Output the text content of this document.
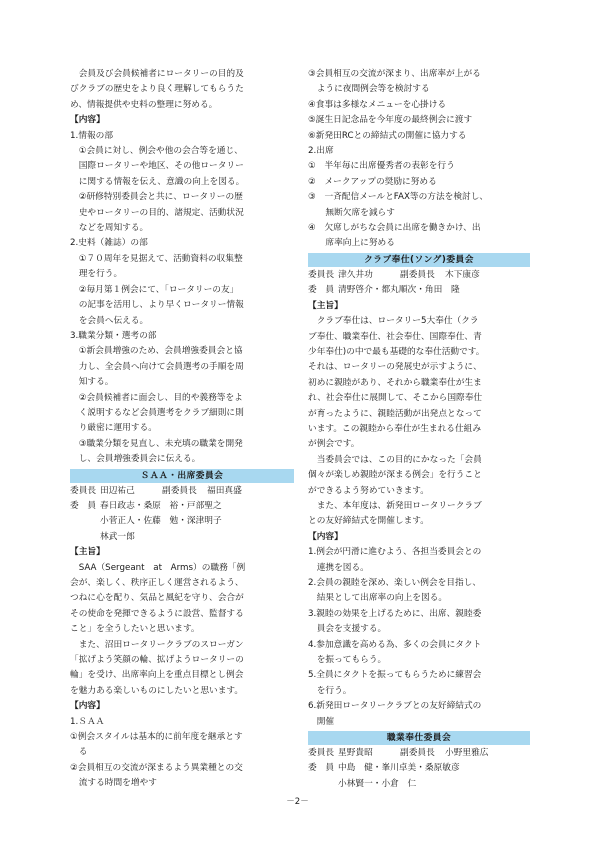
　会員及び会員候補者にロータリーの目的及

びクラブの歴史をより良く理解してもらうた

め、情報提供や史料の整理に努める。

【内容】

1.情報の部

　①会員に対し、例会や他の会合等を通じ、

　国際ロータリーや地区、その他ロータリー

　に関する情報を伝え、意識の向上を図る。

　②研修特別委員会と共に、ロータリーの歴

　史やロータリーの目的、諸規定、活動状況

　などを周知する。

2.史料（雑誌）の部

　①７０周年を見据えて、活動資料の収集整

　理を行う。

　②毎月第１例会にて、「ロータリーの友」

　の記事を活用し、より早くロータリー情報

　を会員へ伝える。

3.職業分類・選考の部

　①新会員増強のため、会員増強委員会と協

　力し、全会員へ向けて会員選考の手順を周

　知する。

　②会員候補者に面会し、目的や義務等をよ

　く説明するなど会員選考をクラブ細則に則

　り厳密に運用する。

　③職業分類を見直し、未充填の職業を開発

　し、会員増強委員会に伝える。

ＳＡＡ・出席委員会
委員長 田辺祐己	副委員長	福田真盛
委　員 春日政志・桑原　裕・戸部聖之
小菅正人・佐藤　勉・深津明子
林武一郎

【主旨】

　SAA（Sergeant　at　Arms）の職務「例

会が、楽しく、秩序正しく運営されるよう、

つねに心を配り、気品と風紀を守り、会合が

その使命を発揮できるように設営、監督する

こと」を全うしたいと思います。

　また、沼田ロータリークラブのスローガン

「拡げよう笑顔の輪、拡げようロータリーの

輪」を受け、出席率向上を重点目標とし例会

を魅力ある楽しいものにしたいと思います。

【内容】

1.ＳＡＡ

①例会スタイルは基本的に前年度を継承とす

　る

②会員相互の交流が深まるよう異業種との交

　流する時間を増やす

③会員相互の交流が深まり、出席率が上がる

　ように夜間例会等を検討する

④食事は多様なメニューを心掛ける

⑤誕生日記念品を今年度の最終例会に渡す

⑥新発田RCとの締結式の開催に協力する

2.出席

①　半年毎に出席優秀者の表彰を行う

②　メークアップの奨励に努める

③　一斉配信メールとFAX等の方法を検討し、

　　無断欠席を減らす

④　欠席しがちな会員に出席を働きかけ、出

　　席率向上に努める

クラブ奉仕(ソング)委員会
委員長 津久井功	副委員長	木下康彦
委　員 清野啓介・都丸順次・角田　隆

【主旨】

　クラブ奉仕は、ロータリー5大奉仕（クラ

ブ奉仕、職業奉仕、社会奉仕、国際奉仕、青

少年奉仕)の中で最も基礎的な奉仕活動です。

それは、ロータリーの発展史が示すように、

初めに親睦があり、それから職業奉仕が生ま

れ、社会奉仕に展開して、そこから国際奉仕

が育ったように、親睦活動が出発点となって

います。この親睦から奉仕が生まれる仕組み

が例会です。

　当委員会では、この目的にかなった「会員

個々が楽しめ親睦が深まる例会」を行うこと

ができるよう努めていきます。

　また、本年度は、新発田ロータリークラブ

との友好締結式を開催します。

【内容】

1.例会が円滑に進むよう、各担当委員会との

　連携を図る。

2.会員の親睦を深め、楽しい例会を目指し、

　結果として出席率の向上を図る。

3.親睦の効果を上げるために、出席、親睦委

　員会を支援する。

4.参加意識を高める為、多くの会員にタクト

　を振ってもらう。

5.全員にタクトを振ってもらうために練習会

　を行う。

6.新発田ロータリークラブとの友好締結式の

　開催

職業奉仕委員会
委員長 星野貴昭	副委員長	小野里雅広
委　員 中島　健・峯川卓美・桑原敏彦
小林賢一・小倉　仁
－2－
